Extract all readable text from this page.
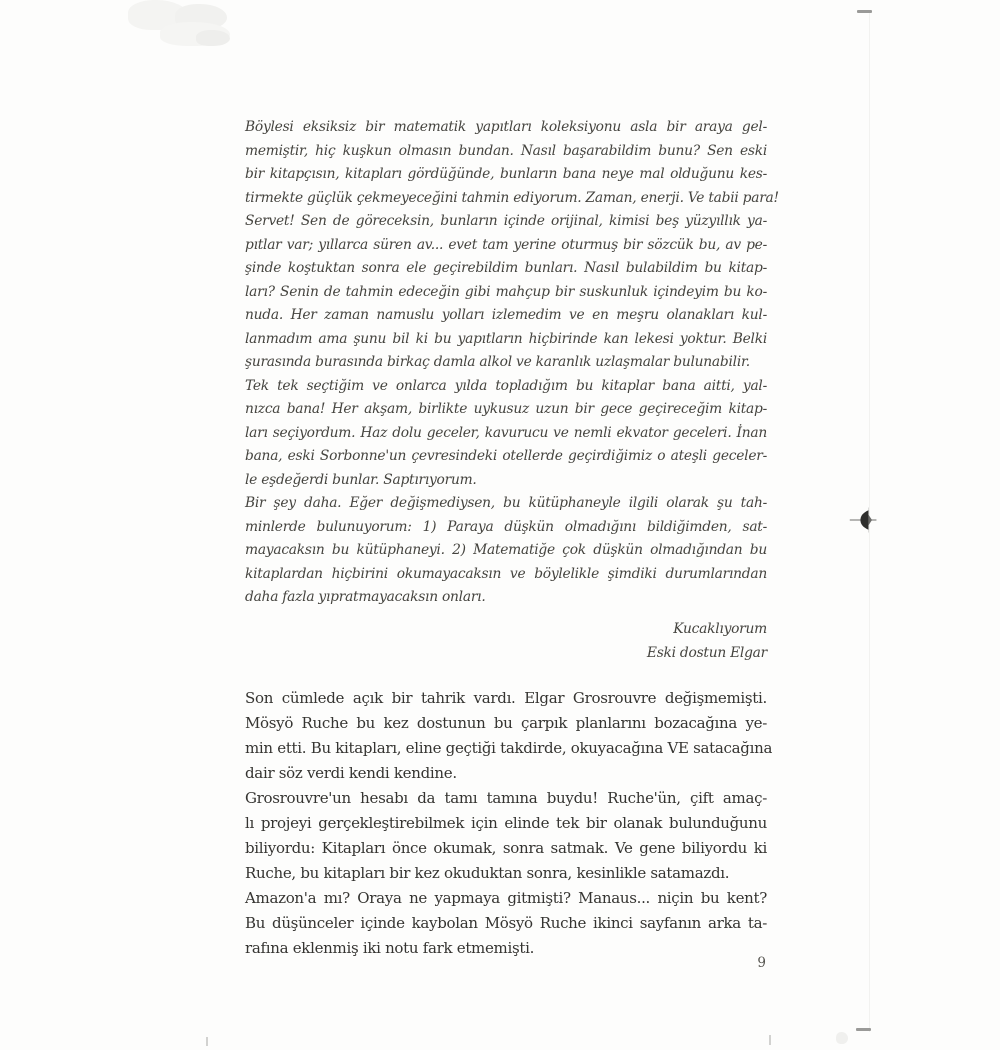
Böylesi eksiksiz bir matematik yapıtları koleksiyonu asla bir araya gel-
memiştir, hiç kuşkun olmasın bundan. Nasıl başarabildim bunu? Sen eski
bir kitapçısın, kitapları gördüğünde, bunların bana neye mal olduğunu kes-
tirmekte güçlük çekmeyeceğini tahmin ediyorum. Zaman, enerji. Ve tabii para!
Servet! Sen de göreceksin, bunların içinde orijinal, kimisi beş yüzyıllık ya-
pıtlar var; yıllarca süren av... evet tam yerine oturmuş bir sözcük bu, av pe-
şinde koştuktan sonra ele geçirebildim bunları. Nasıl bulabildim bu kitap-
ları? Senin de tahmin edeceğin gibi mahçup bir suskunluk içindeyim bu ko-
nuda. Her zaman namuslu yolları izlemedim ve en meşru olanakları kul-
lanmadım ama şunu bil ki bu yapıtların hiçbirinde kan lekesi yoktur. Belki
şurasında burasında birkaç damla alkol ve karanlık uzlaşmalar bulunabilir.
Tek tek seçtiğim ve onlarca yılda topladığım bu kitaplar bana aitti, yal-
nızca bana! Her akşam, birlikte uykusuz uzun bir gece geçireceğim kitap-
ları seçiyordum. Haz dolu geceler, kavurucu ve nemli ekvator geceleri. İnan
bana, eski Sorbonne'un çevresindeki otellerde geçirdiğimiz o ateşli geceler-
le eşdeğerdi bunlar. Saptırıyorum.
Bir şey daha. Eğer değişmediysen, bu kütüphaneyle ilgili olarak şu tah-
minlerde bulunuyorum: 1) Paraya düşkün olmadığını bildiğimden, sat-
mayacaksın bu kütüphaneyi. 2) Matematiğe çok düşkün olmadığından bu
kitaplardan hiçbirini okumayacaksın ve böylelikle şimdiki durumlarından
daha fazla yıpratmayacaksın onları.
Kucaklıyorum
Eski dostun Elgar
Son cümlede açık bir tahrik vardı. Elgar Grosrouvre değişmemişti.
Mösyö Ruche bu kez dostunun bu çarpık planlarını bozacağına ye-
min etti. Bu kitapları, eline geçtiği takdirde, okuyacağına VE satacağına
dair söz verdi kendi kendine.
Grosrouvre'un hesabı da tamı tamına buydu! Ruche'ün, çift amaç-
lı projeyi gerçekleştirebilmek için elinde tek bir olanak bulunduğunu
biliyordu: Kitapları önce okumak, sonra satmak. Ve gene biliyordu ki
Ruche, bu kitapları bir kez okuduktan sonra, kesinlikle satamazdı.
Amazon'a mı? Oraya ne yapmaya gitmişti? Manaus... niçin bu kent?
Bu düşünceler içinde kaybolan Mösyö Ruche ikinci sayfanın arka ta-
rafına eklenmiş iki notu fark etmemişti.
9
